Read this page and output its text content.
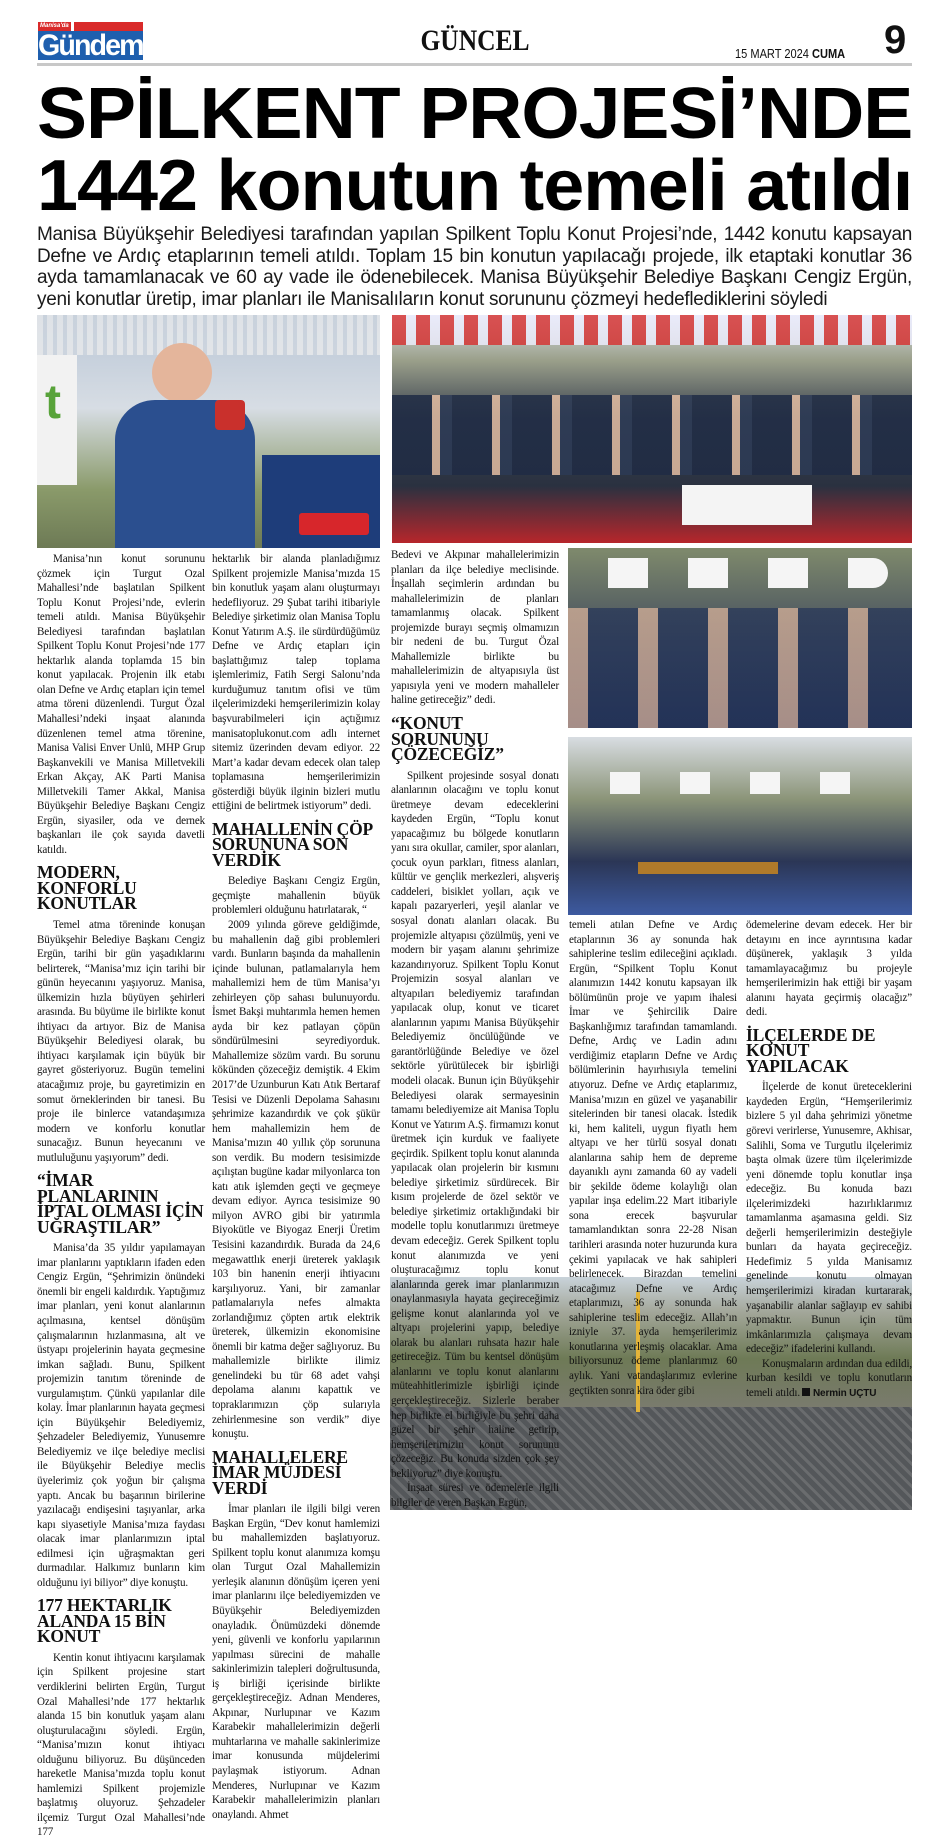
Manisa'da
Gündem	GÜNCEL	15 MART 2024 CUMA 9
SPİLKENT PROJESİ’NDE
1442 konutun temeli atıldı
Manisa Büyükşehir Belediyesi tarafından yapılan Spilkent Toplu Konut Projesi’nde, 1442 konutu kapsayan Defne ve Ardıç etaplarının temeli atıldı. Toplam 15 bin konutun yapılacağı projede, ilk etaptaki konutlar 36 ayda tamamlanacak ve 60 ay vade ile ödenebilecek. Manisa Büyükşehir Belediye Başkanı Cengiz Ergün, yeni konutlar üretip, imar planları ile Manisalıların konut sorununu çözmeyi hedeflediklerini söyledi
t

Manisa’nın konut sorununu çözmek için Turgut Ozal Mahallesi’nde başlatılan Spilkent Toplu Konut Projesi’nde, evlerin temeli atıldı. Manisa Büyükşehir Belediyesi tarafından başlatılan Spilkent Toplu Konut Projesi’nde 177 hektarlık alanda toplamda 15 bin konut yapılacak. Projenin ilk etabı olan Defne ve Ardıç etapları için temel atma töreni düzenlendi. Turgut Özal Mahallesi’ndeki inşaat alanında düzenlenen temel atma törenine, Manisa Valisi Enver Unlü, MHP Grup Başkanvekili ve Manisa Milletvekili Erkan Akçay, AK Parti Manisa Milletvekili Tamer Akkal, Manisa Büyükşehir Belediye Başkanı Cengiz Ergün, siyasiler, oda ve dernek başkanları ile çok sayıda davetli katıldı.

MODERN, KONFORLU KONUTLAR

Temel atma töreninde konuşan Büyükşehir Belediye Başkanı Cengiz Ergün, tarihi bir gün yaşadıklarını belirterek, “Manisa’mız için tarihi bir günün heyecanını yaşıyoruz. Manisa, ülkemizin hızla büyüyen şehirleri arasında. Bu büyüme ile birlikte konut ihtiyacı da artıyor. Biz de Manisa Büyükşehir Belediyesi olarak, bu ihtiyacı karşılamak için büyük bir gayret gösteriyoruz. Bugün temelini atacağımız proje, bu gayretimizin en somut örneklerinden bir tanesi. Bu proje ile binlerce vatandaşımıza modern ve konforlu konutlar sunacağız. Bunun heyecanını ve mutluluğunu yaşıyorum” dedi.

“İMAR PLANLARININ İPTAL OLMASI İÇİN UĞRAŞTILAR”

Manisa’da 35 yıldır yapılamayan imar planlarını yaptıkların ifaden eden Cengiz Ergün, “Şehrimizin önündeki önemli bir engeli kaldırdık. Yaptığımız imar planları, yeni konut alanlarının açılmasına, kentsel dönüşüm çalışmalarının hızlanmasına, alt ve üstyapı projelerinin hayata geçmesine imkan sağladı. Bunu, Spilkent projemizin tanıtım töreninde de vurgulamıştım. Çünkü yapılanlar dile kolay. İmar planlarının hayata geçmesi için Büyükşehir Belediyemiz, Şehzadeler Belediyemiz, Yunusemre Belediyemiz ve ilçe belediye meclisi ile Büyükşehir Belediye meclis üyelerimiz çok yoğun bir çalışma yaptı. Ancak bu başarının birilerine yazılacağı endişesini taşıyanlar, arka kapı siyasetiyle Manisa’mıza faydası olacak imar planlarımızın iptal edilmesi için uğraşmaktan geri durmadılar. Halkımız bunların kim olduğunu iyi biliyor” diye konuştu.

177 HEKTARLIK ALANDA 15 BİN KONUT

Kentin konut ihtiyacını karşılamak için Spilkent projesine start verdiklerini belirten Ergün, Turgut Ozal Mahallesi’nde 177 hektarlık alanda 15 bin konutluk yaşam alanı oluşturulacağını söyledi. Ergün, “Manisa’mızın konut ihtiyacı olduğunu biliyoruz. Bu düşünceden hareketle Manisa’mızda toplu konut hamlemizi Spilkent projemizle başlatmış oluyoruz. Şehzadeler ilçemiz Turgut Ozal Mahallesi’nde 177

hektarlık bir alanda planladığımız Spilkent projemizle Manisa’mızda 15 bin konutluk yaşam alanı oluşturmayı hedefliyoruz. 29 Şubat tarihi itibariyle Belediye şirketimiz olan Manisa Toplu Konut Yatırım A.Ş. ile sürdürdüğümüz Defne ve Ardıç etapları için başlattığımız talep toplama işlemlerimiz, Fatih Sergi Salonu’nda kurduğumuz tanıtım ofisi ve tüm ilçelerimizdeki hemşerilerimizin kolay başvurabilmeleri için açtığımız manisatoplukonut.com adlı internet sitemiz üzerinden devam ediyor. 22 Mart’a kadar devam edecek olan talep toplamasına hemşerilerimizin gösterdiği büyük ilginin bizleri mutlu ettiğini de belirtmek istiyorum” dedi.

MAHALLENİN ÇÖP SORUNUNA SON VERDİK

Belediye Başkanı Cengiz Ergün, geçmişte mahallenin büyük problemleri olduğunu hatırlatarak, “

2009 yılında göreve geldiğimde, bu mahallenin dağ gibi problemleri vardı. Bunların başında da mahallenin içinde bulunan, patlamalarıyla hem mahallemizi hem de tüm Manisa’yı zehirleyen çöp sahası bulunuyordu. İsmet Bakşi muhtarımla hemen hemen ayda bir kez patlayan çöpün söndürülmesini seyrediyorduk. Mahallemize sözüm vardı. Bu sorunu kökünden çözeceğiz demiştik. 4 Ekim 2017’de Uzunburun Katı Atık Bertaraf Tesisi ve Düzenli Depolama Sahasını şehrimize kazandırdık ve çok şükür hem mahallemizin hem de Manisa’mızın 40 yıllık çöp sorununa son verdik. Bu modern tesisimizde açılıştan bugüne kadar milyonlarca ton katı atık işlemden geçti ve geçmeye devam ediyor. Ayrıca tesisimize 90 milyon AVRO gibi bir yatırımla Biyokütle ve Biyogaz Enerji Üretim Tesisini kazandırdık. Burada da 24,6 megawattlık enerji üreterek yaklaşık 103 bin hanenin enerji ihtiyacını karşılıyoruz. Yani, bir zamanlar patlamalarıyla nefes almakta zorlandığımız çöpten artık elektrik üreterek, ülkemizin ekonomisine önemli bir katma değer sağlıyoruz. Bu mahallemizle birlikte ilimiz genelindeki bu tür 68 adet vahşi depolama alanını kapattık ve topraklarımızın çöp sularıyla zehirlenmesine son verdik” diye konuştu.

MAHALLELERE İMAR MÜJDESİ VERDİ

İmar planları ile ilgili bilgi veren Başkan Ergün, “Dev konut hamlemizi bu mahallemizden başlatıyoruz. Spilkent toplu konut alanımıza komşu olan Turgut Ozal Mahallemizin yerleşik alanının dönüşüm içeren yeni imar planlarını ilçe belediyemizden ve Büyükşehir Belediyemizden onayladık. Önümüzdeki dönemde yeni, güvenli ve konforlu yapılarının yapılması sürecini de mahalle sakinlerimizin talepleri doğrultusunda, iş birliği içerisinde birlikte gerçekleştireceğiz. Adnan Menderes, Akpınar, Nurlupınar ve Kazım Karabekir mahallelerimizin değerli muhtarlarına ve mahalle sakinlerimize imar konusunda müjdelerimi paylaşmak istiyorum. Adnan Menderes, Nurlupınar ve Kazım Karabekir mahallelerimizin planları onaylandı. Ahmet

Bedevi ve Akpınar mahallelerimizin planları da ilçe belediye meclisinde. İnşallah seçimlerin ardından bu mahallelerimizin de planları tamamlanmış olacak. Spilkent projemizde burayı seçmiş olmamızın bir nedeni de bu. Turgut Özal Mahallemizle birlikte bu mahallelerimizin de altyapısıyla üst yapısıyla yeni ve modern mahalleler haline getireceğiz” dedi.

“KONUT SORUNUNU ÇÖZECEĞİZ”

Spilkent projesinde sosyal donatı alanlarının olacağını ve toplu konut üretmeye devam edeceklerini kaydeden Ergün, “Toplu konut yapacağımız bu bölgede konutların yanı sıra okullar, camiler, spor alanları, çocuk oyun parkları, fitness alanları, kültür ve gençlik merkezleri, alışveriş caddeleri, bisiklet yolları, açık ve kapalı pazaryerleri, yeşil alanlar ve sosyal donatı alanları olacak. Bu projemizle altyapısı çözülmüş, yeni ve modern bir yaşam alanını şehrimize kazandırıyoruz. Spilkent Toplu Konut Projemizin sosyal alanları ve altyapıları belediyemiz tarafından yapılacak olup, konut ve ticaret alanlarının yapımı Manisa Büyükşehir Belediyemiz öncülüğünde ve garantörlüğünde Belediye ve özel sektörle yürütülecek bir işbirliği modeli olacak. Bunun için Büyükşehir Belediyesi olarak sermayesinin tamamı belediyemize ait Manisa Toplu Konut ve Yatırım A.Ş. firmamızı konut üretmek için kurduk ve faaliyete geçirdik. Spilkent toplu konut alanında yapılacak olan projelerin bir kısmını belediye şirketimiz sürdürecek. Bir kısım projelerde de özel sektör ve belediye şirketimiz ortaklığındaki bir modelle toplu konutlarımızı üretmeye devam edeceğiz. Gerek Spilkent toplu konut alanımızda ve yeni oluşturacağımız toplu konut alanlarında gerek imar planlarımızın onaylanmasıyla hayata geçireceğimiz gelişme konut alanlarında yol ve altyapı projelerini yapıp, belediye olarak bu alanları ruhsata hazır hale getireceğiz. Tüm bu kentsel dönüşüm alanlarını ve toplu konut alanlarını müteahhitlerimizle işbirliği içinde gerçekleştireceğiz. Sizlerle beraber hep birlikte el birliğiyle bu şehri daha güzel bir şehir haline getirip, hemşerilerimizin konut sorununu çözeceğiz. Bu konuda sizden çok şey bekliyoruz” diye konuştu.

İnşaat süresi ve ödemelerle ilgili bilgiler de veren Başkan Ergün,

temeli atılan Defne ve Ardıç etaplarının 36 ay sonunda hak sahiplerine teslim edileceğini açıkladı. Ergün, “Spilkent Toplu Konut alanımızın 1442 konutu kapsayan ilk bölümünün proje ve yapım ihalesi İmar ve Şehircilik Daire Başkanlığımız tarafından tamamlandı. Defne, Ardıç ve Ladin adını verdiğimiz etapların Defne ve Ardıç bölümlerinin hayırhısıyla temelini atıyoruz. Defne ve Ardıç etaplarımız, Manisa’mızın en güzel ve yaşanabilir sitelerinden bir tanesi olacak. İstedik ki, hem kaliteli, uygun fiyatlı hem altyapı ve her türlü sosyal donatı alanlarına sahip hem de depreme dayanıklı aynı zamanda 60 ay vadeli bir şekilde ödeme kolaylığı olan yapılar inşa edelim.22 Mart itibariyle sona erecek başvurular tamamlandıktan sonra 22-28 Nisan tarihleri arasında noter huzurunda kura çekimi yapılacak ve hak sahipleri belirlenecek. Birazdan temelini atacağımız Defne ve Ardıç etaplarımızı, 36 ay sonunda hak sahiplerine teslim edeceğiz. Allah’ın izniyle 37. ayda hemşerilerimiz konutlarına yerleşmiş olacaklar. Ama biliyorsunuz ödeme planlarımız 60 aylık. Yani vatandaşlarımız evlerine geçtikten sonra kira öder gibi

ödemelerine devam edecek. Her bir detayını en ince ayrıntısına kadar düşünerek, yaklaşık 3 yılda tamamlayacağımız bu projeyle hemşerilerimizin hak ettiği bir yaşam alanını hayata geçirmiş olacağız” dedi.

İLÇELERDE DE KONUT YAPILACAK

İlçelerde de konut üreteceklerini kaydeden Ergün, “Hemşerilerimiz bizlere 5 yıl daha şehrimizi yönetme görevi verirlerse, Yunusemre, Akhisar, Salihli, Soma ve Turgutlu ilçelerimiz başta olmak üzere tüm ilçelerimizde yeni dönemde toplu konutlar inşa edeceğiz. Bu konuda bazı ilçelerimizdeki hazırlıklarımız tamamlanma aşamasına geldi. Siz değerli hemşerilerimizin desteğiyle bunları da hayata geçireceğiz. Hedefimiz 5 yılda Manisamız genelinde konutu olmayan hemşerilerimizi kiradan kurtararak, yaşanabilir alanlar sağlayıp ev sahibi yapmaktır. Bunun için tüm imkânlarımızla çalışmaya devam edeceğiz” ifadelerini kullandı.

Konuşmaların ardından dua edildi, kurban kesildi ve toplu konutların temeli atıldı. Nermin UÇTU
